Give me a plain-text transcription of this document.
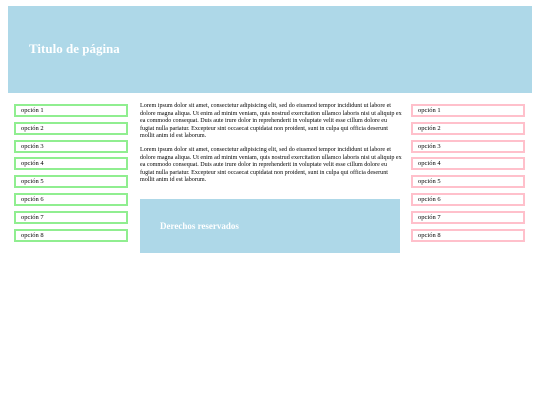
Titulo de página
opción 1
opción 2
opción 3
opción 4
opción 5
opción 6
opción 7
opción 8

Lorem ipsum dolor sit amet, consectetur adipisicing elit, sed do eiusmod tempor incididunt ut labore et dolore magna aliqua. Ut enim ad minim veniam, quis nostrud exercitation ullamco laboris nisi ut aliquip ex ea commodo consequat. Duis aute irure dolor in reprehenderit in voluptate velit esse cillum dolore eu fugiat nulla pariatur. Excepteur sint occaecat cupidatat non proident, sunt in culpa qui officia deserunt mollit anim id est laborum.

Lorem ipsum dolor sit amet, consectetur adipisicing elit, sed do eiusmod tempor incididunt ut labore et dolore magna aliqua. Ut enim ad minim veniam, quis nostrud exercitation ullamco laboris nisi ut aliquip ex ea commodo consequat. Duis aute irure dolor in reprehenderit in voluptate velit esse cillum dolore eu fugiat nulla pariatur. Excepteur sint occaecat cupidatat non proident, sunt in culpa qui officia deserunt mollit anim id est laborum.

Derechos reservados
opción 1
opción 2
opción 3
opción 4
opción 5
opción 6
opción 7
opción 8
